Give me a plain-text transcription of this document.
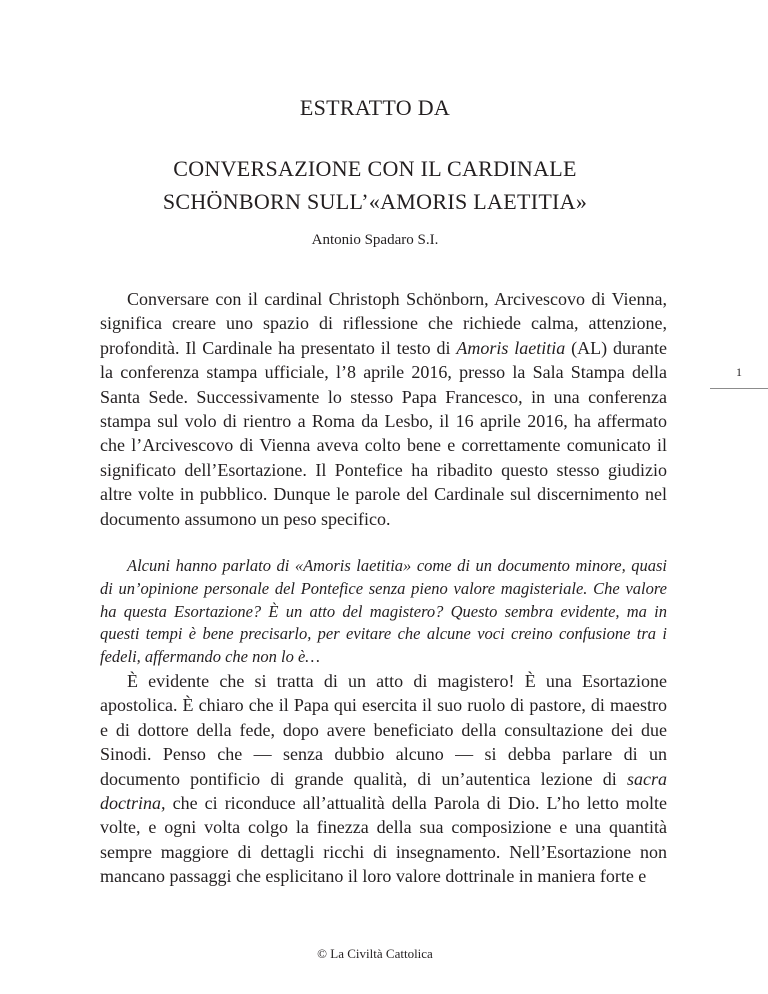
ESTRATTO DA
CONVERSAZIONE CON IL CARDINALE
SCHÖNBORN SULL’«AMORIS LAETITIA»
Antonio Spadaro S.I.

Conversare con il cardinal Christoph Schönborn, Arcivescovo di Vienna, significa creare uno spazio di riflessione che richiede calma, attenzione, profondità. Il Cardinale ha presentato il testo di Amoris laetitia (AL) durante la conferenza stampa ufficiale, l’8 aprile 2016, presso la Sala Stampa della Santa Sede. Successivamente lo stesso Papa Francesco, in una conferenza stampa sul volo di rientro a Roma da Lesbo, il 16 aprile 2016, ha affermato che l’Arcivescovo di Vienna aveva colto bene e correttamente comunicato il significato dell’Esortazione. Il Pontefice ha ribadito questo stesso giudizio altre volte in pubblico. Dunque le parole del Cardinale sul discernimento nel documento assumono un peso specifico.

Alcuni hanno parlato di «Amoris laetitia» come di un documento minore, quasi di un’opinione personale del Pontefice senza pieno valore magisteriale. Che valore ha questa Esortazione? È un atto del magistero? Questo sembra evidente, ma in questi tempi è bene precisarlo, per evitare che alcune voci creino confusione tra i fedeli, affermando che non lo è…

È evidente che si tratta di un atto di magistero! È una Esortazione apostolica. È chiaro che il Papa qui esercita il suo ruolo di pastore, di maestro e di dottore della fede, dopo avere beneficiato della consultazione dei due Sinodi. Penso che — senza dubbio alcuno — si debba parlare di un documento pontificio di grande qualità, di un’autentica lezione di sacra doctrina, che ci riconduce all’attualità della Parola di Dio. L’ho letto molte volte, e ogni volta colgo la finezza della sua composizione e una quantità sempre maggiore di dettagli ricchi di insegnamento. Nell’Esortazione non mancano passaggi che esplicitano il loro valore dottrinale in maniera forte e

1
© La Civiltà Cattolica
